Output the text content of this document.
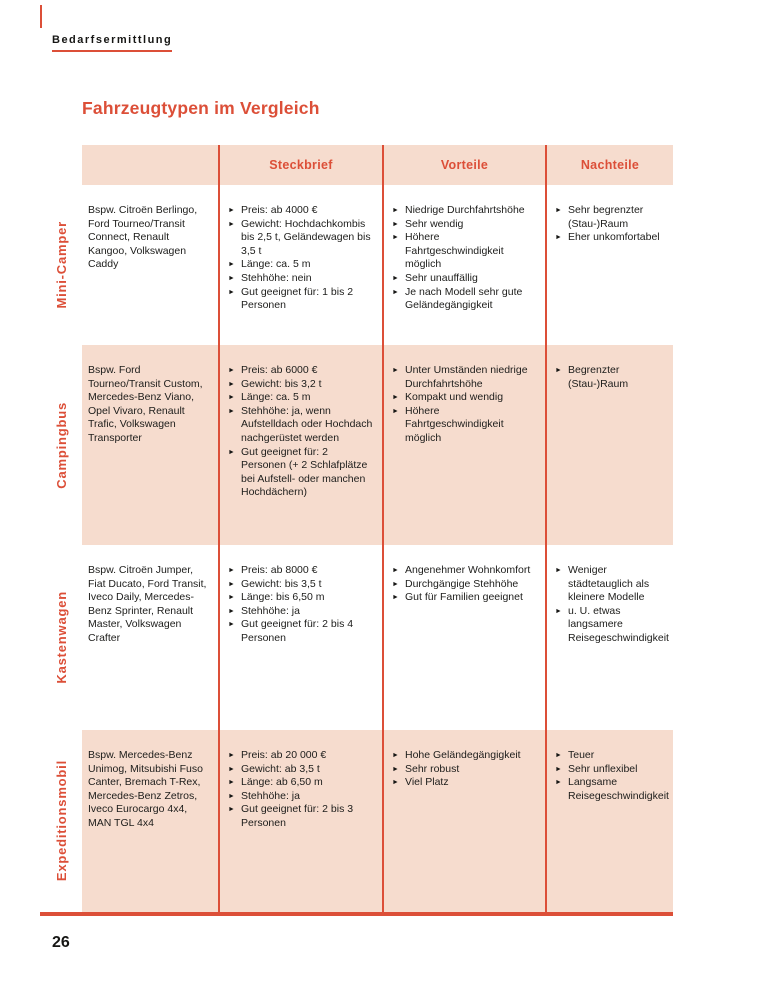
Bedarfsermittlung
Fahrzeugtypen im Vergleich
Steckbrief	Vorteile	Nachteile
Mini-Camper

Bspw. Citroën Berlingo, Ford Tourneo/Transit Connect, Renault Kangoo, Volkswagen Caddy

► Preis: ab 4000 €
► Gewicht: Hochdachkombis bis 2,5 t, Geländewagen bis 3,5 t
► Länge: ca. 5 m
► Stehhöhe: nein
► Gut geeignet für: 1 bis 2 Personen
► Niedrige Durchfahrtshöhe
► Sehr wendig
► Höhere Fahrtgeschwindigkeit möglich
► Sehr unauffällig
► Je nach Modell sehr gute Geländegängigkeit
► Sehr begrenzter (Stau-)Raum
► Eher unkomfortabel
Campingbus

Bspw. Ford Tourneo/Transit Custom, Mercedes-Benz Viano, Opel Vivaro, Renault Trafic, Volkswagen Transporter

► Preis: ab 6000 €
► Gewicht: bis 3,2 t
► Länge: ca. 5 m
► Stehhöhe: ja, wenn Aufstelldach oder Hochdach nachgerüstet werden
► Gut geeignet für: 2 Personen (+ 2 Schlafplätze bei Aufstell- oder manchen Hochdächern)
► Unter Umständen niedrige Durchfahrtshöhe
► Kompakt und wendig
► Höhere Fahrtgeschwindigkeit möglich
► Begrenzter (Stau-)Raum
Kastenwagen

Bspw. Citroën Jumper, Fiat Ducato, Ford Transit, Iveco Daily, Mercedes-Benz Sprinter, Renault Master, Volkswagen Crafter

► Preis: ab 8000 €
► Gewicht: bis 3,5 t
► Länge: bis 6,50 m
► Stehhöhe: ja
► Gut geeignet für: 2 bis 4 Personen
► Angenehmer Wohnkomfort
► Durchgängige Stehhöhe
► Gut für Familien geeignet
► Weniger städtetauglich als kleinere Modelle
► u. U. etwas langsamere Reisegeschwindigkeit
Expeditionsmobil

Bspw. Mercedes-Benz Unimog, Mitsubishi Fuso Canter, Bremach T-Rex, Mercedes-Benz Zetros, Iveco Eurocargo 4x4, MAN TGL 4x4

► Preis: ab 20 000 €
► Gewicht: ab 3,5 t
► Länge: ab 6,50 m
► Stehhöhe: ja
► Gut geeignet für: 2 bis 3 Personen
► Hohe Geländegängigkeit
► Sehr robust
► Viel Platz
► Teuer
► Sehr unflexibel
► Langsame Reisegeschwindigkeit
26
